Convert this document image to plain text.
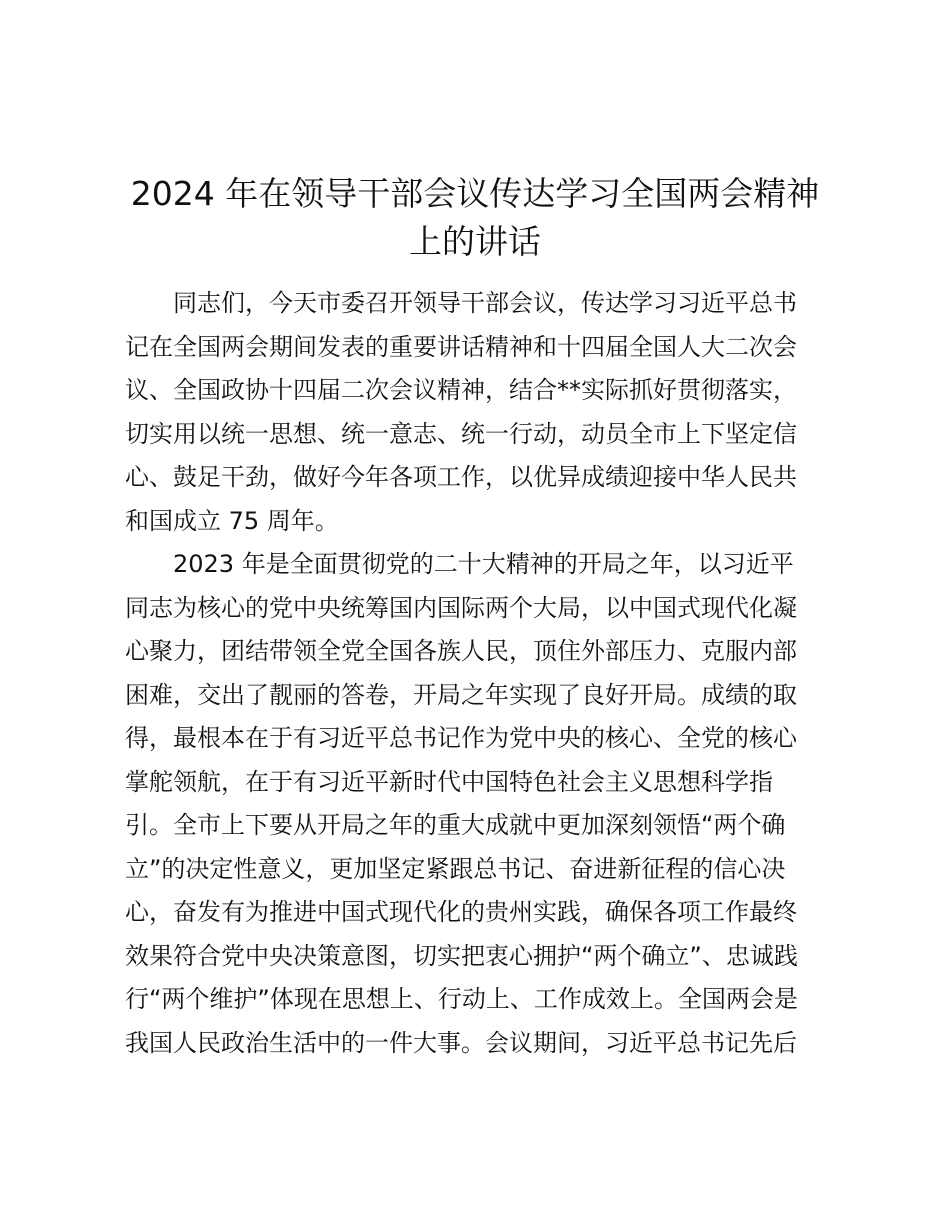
2024 年在领导干部会议传达学习全国两会精神
上的讲话
同志们，今天市委召开领导干部会议，传达学习习近平总书
记在全国两会期间发表的重要讲话精神和十四届全国人大二次会
议、全国政协十四届二次会议精神，结合**实际抓好贯彻落实，
切实用以统一思想、统一意志、统一行动，动员全市上下坚定信
心、鼓足干劲，做好今年各项工作，以优异成绩迎接中华人民共
和国成立 75 周年。
2023 年是全面贯彻党的二十大精神的开局之年，以习近平
同志为核心的党中央统筹国内国际两个大局，以中国式现代化凝
心聚力，团结带领全党全国各族人民，顶住外部压力、克服内部
困难，交出了靓丽的答卷，开局之年实现了良好开局。成绩的取
得，最根本在于有习近平总书记作为党中央的核心、全党的核心
掌舵领航，在于有习近平新时代中国特色社会主义思想科学指
引。全市上下要从开局之年的重大成就中更加深刻领悟“两个确
立”的决定性意义，更加坚定紧跟总书记、奋进新征程的信心决
心，奋发有为推进中国式现代化的贵州实践，确保各项工作最终
效果符合党中央决策意图，切实把衷心拥护“两个确立”、忠诚践
行“两个维护”体现在思想上、行动上、工作成效上。全国两会是
我国人民政治生活中的一件大事。会议期间，习近平总书记先后
